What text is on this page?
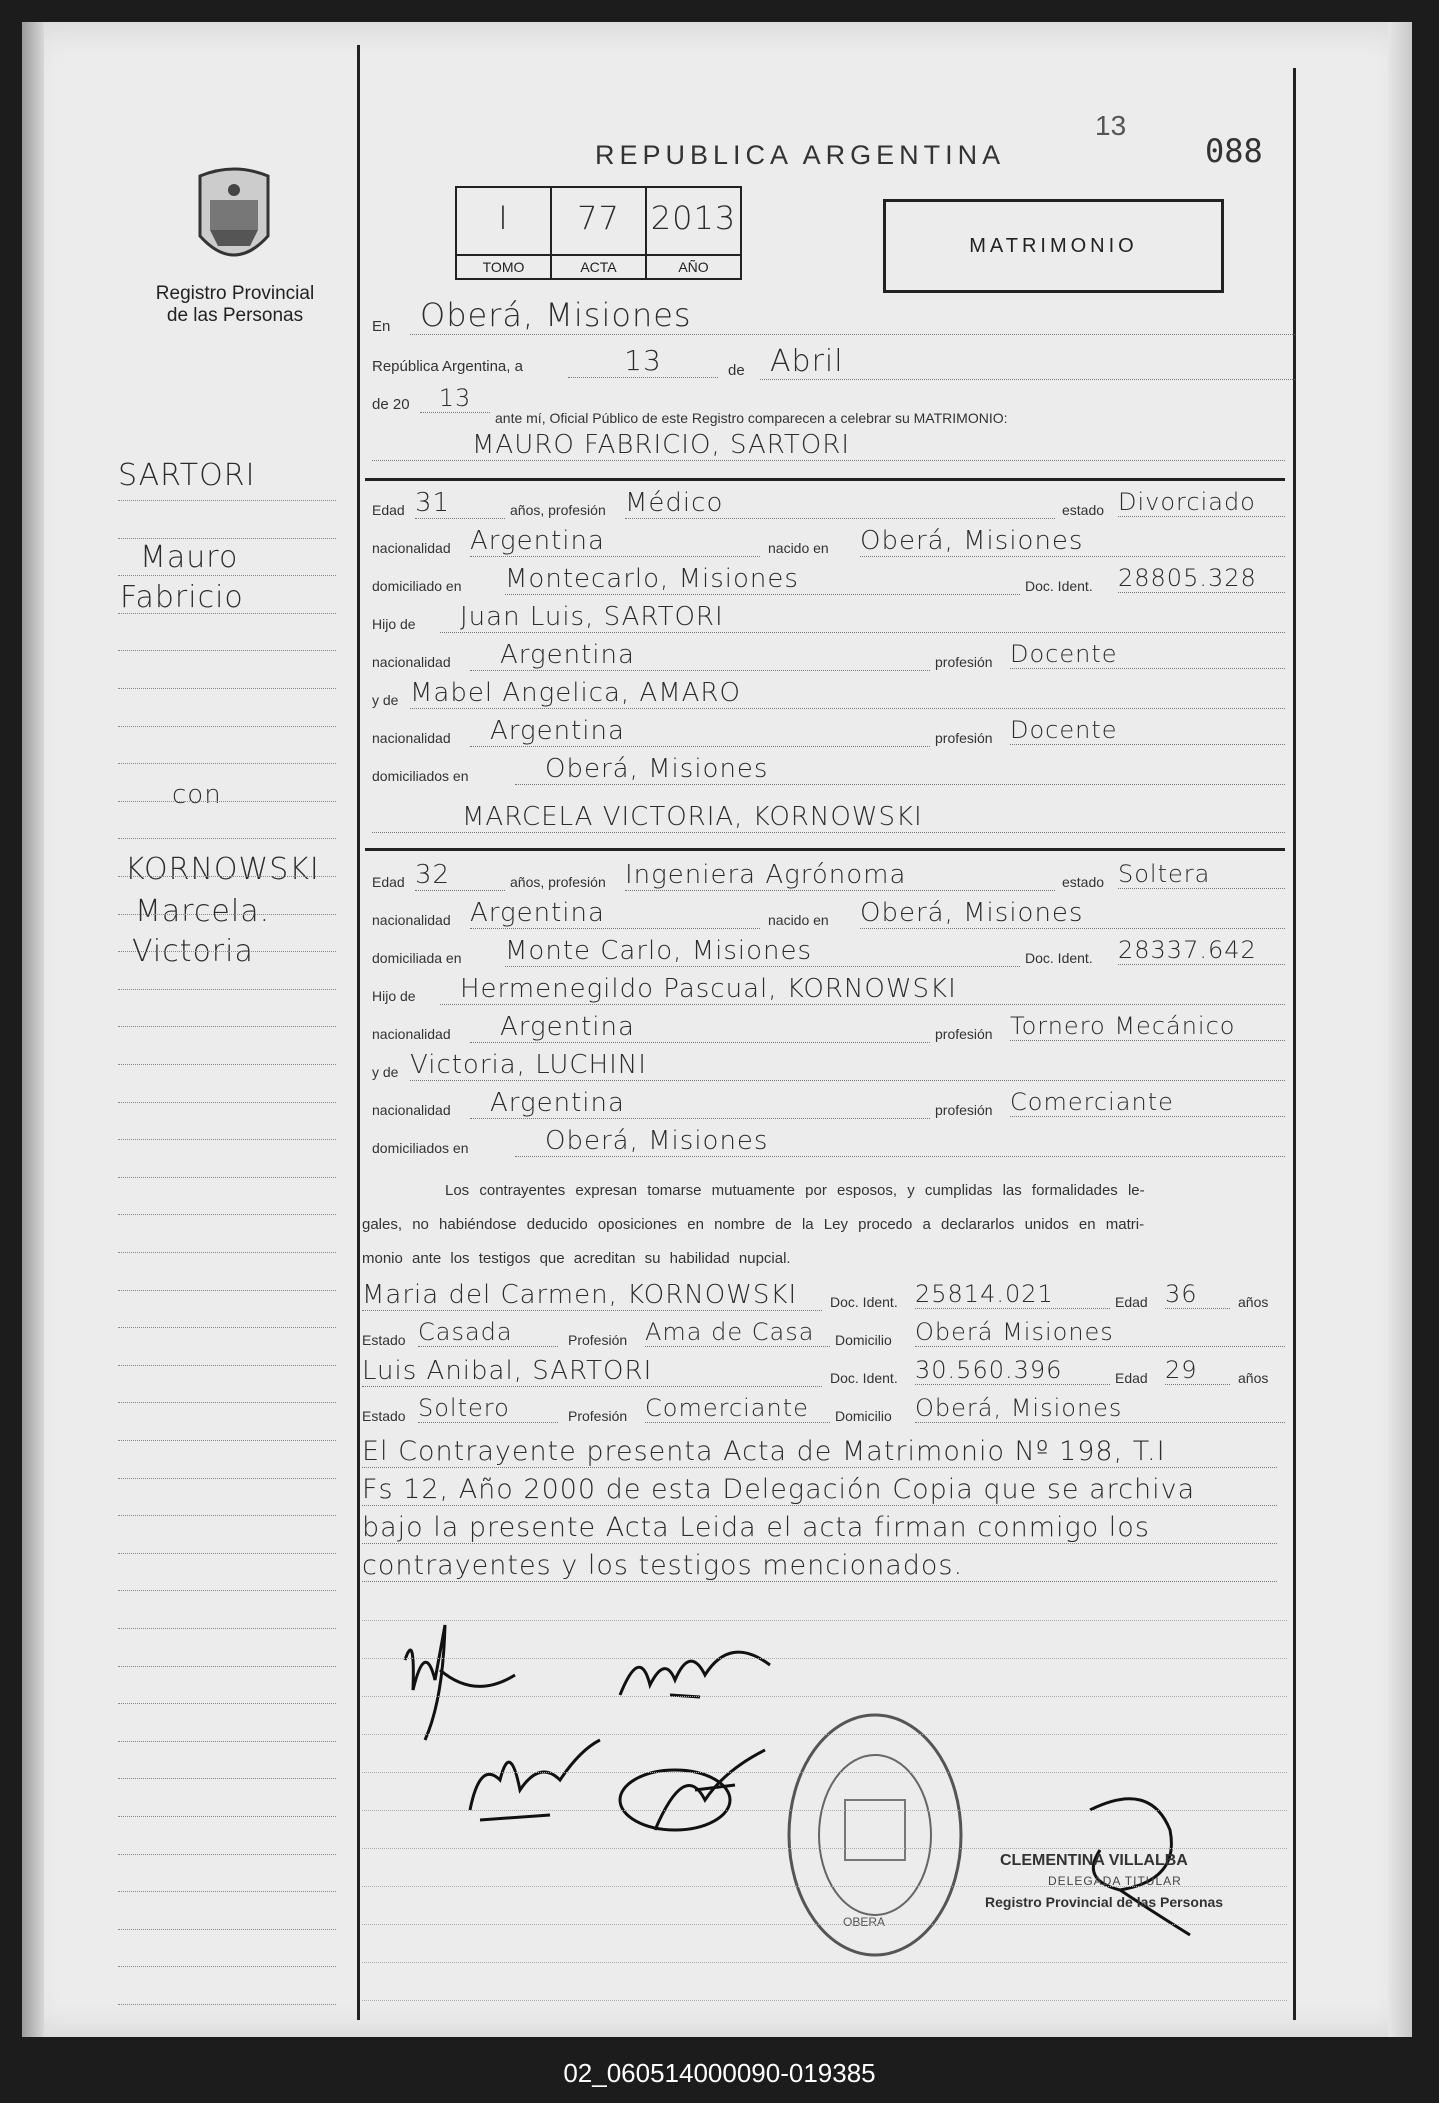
Registro Provincial de las Personas
REPUBLICA ARGENTINA
13
088
I
TOMO
77
ACTA
2013
AÑO
MATRIMONIO
SARTORI
Mauro
Fabricio
con
KORNOWSKI
Marcela.
Victoria
En Oberá, Misiones
República Argentina, a	13	de Abril
de 20	13
ante mí, Oficial Público de este Registro comparecen a celebrar su MATRIMONIO:
MAURO FABRICIO, SARTORI
MARCELA VICTORIA, KORNOWSKI
Los contrayentes expresan tomarse mutuamente por esposos, y cumplidas las formalidades le-
gales, no habiéndose deducido oposiciones en nombre de la Ley procedo a declararlos unidos en matri-
monio ante los testigos que acreditan su habilidad nupcial.
El Contrayente presenta Acta de Matrimonio Nº 198, T.I
Fs 12, Año 2000 de esta Delegación Copia que se archiva
bajo la presente Acta Leida el acta firman conmigo los
contrayentes y los testigos mencionados.
OBERA
CLEMENTINA VILLALBA
DELEGADA TITULAR
Registro Provincial de las Personas
02_060514000090-019385
Edad 31	años, profesión Médico	estado Divorciado
nacionalidad Argentina	nacido en Oberá, Misiones
domiciliado en Montecarlo, Misiones	Doc. Ident. 28805.328
Hijo de	Juan Luis, SARTORI
nacionalidad	Argentina	profesión Docente
y de Mabel Angelica, AMARO
nacionalidad	Argentina	profesión Docente
domiciliados en	Oberá, Misiones
Edad 32	años, profesión Ingeniera Agrónoma	estado Soltera
nacionalidad Argentina	nacido en Oberá, Misiones
domiciliada en Monte Carlo, Misiones	Doc. Ident. 28337.642
Hijo de	Hermenegildo Pascual, KORNOWSKI
nacionalidad	Argentina	profesión Tornero Mecánico
y de Victoria, LUCHINI
nacionalidad	Argentina	profesión Comerciante
domiciliados en	Oberá, Misiones
Maria del Carmen, KORNOWSKI	Doc. Ident. 25814.021	Edad 36	años
Estado Casada	Profesión Ama de Casa	Domicilio Oberá Misiones
Luis Anibal, SARTORI	Doc. Ident. 30.560.396	Edad 29	años
Estado Soltero	Profesión Comerciante	Domicilio Oberá, Misiones
